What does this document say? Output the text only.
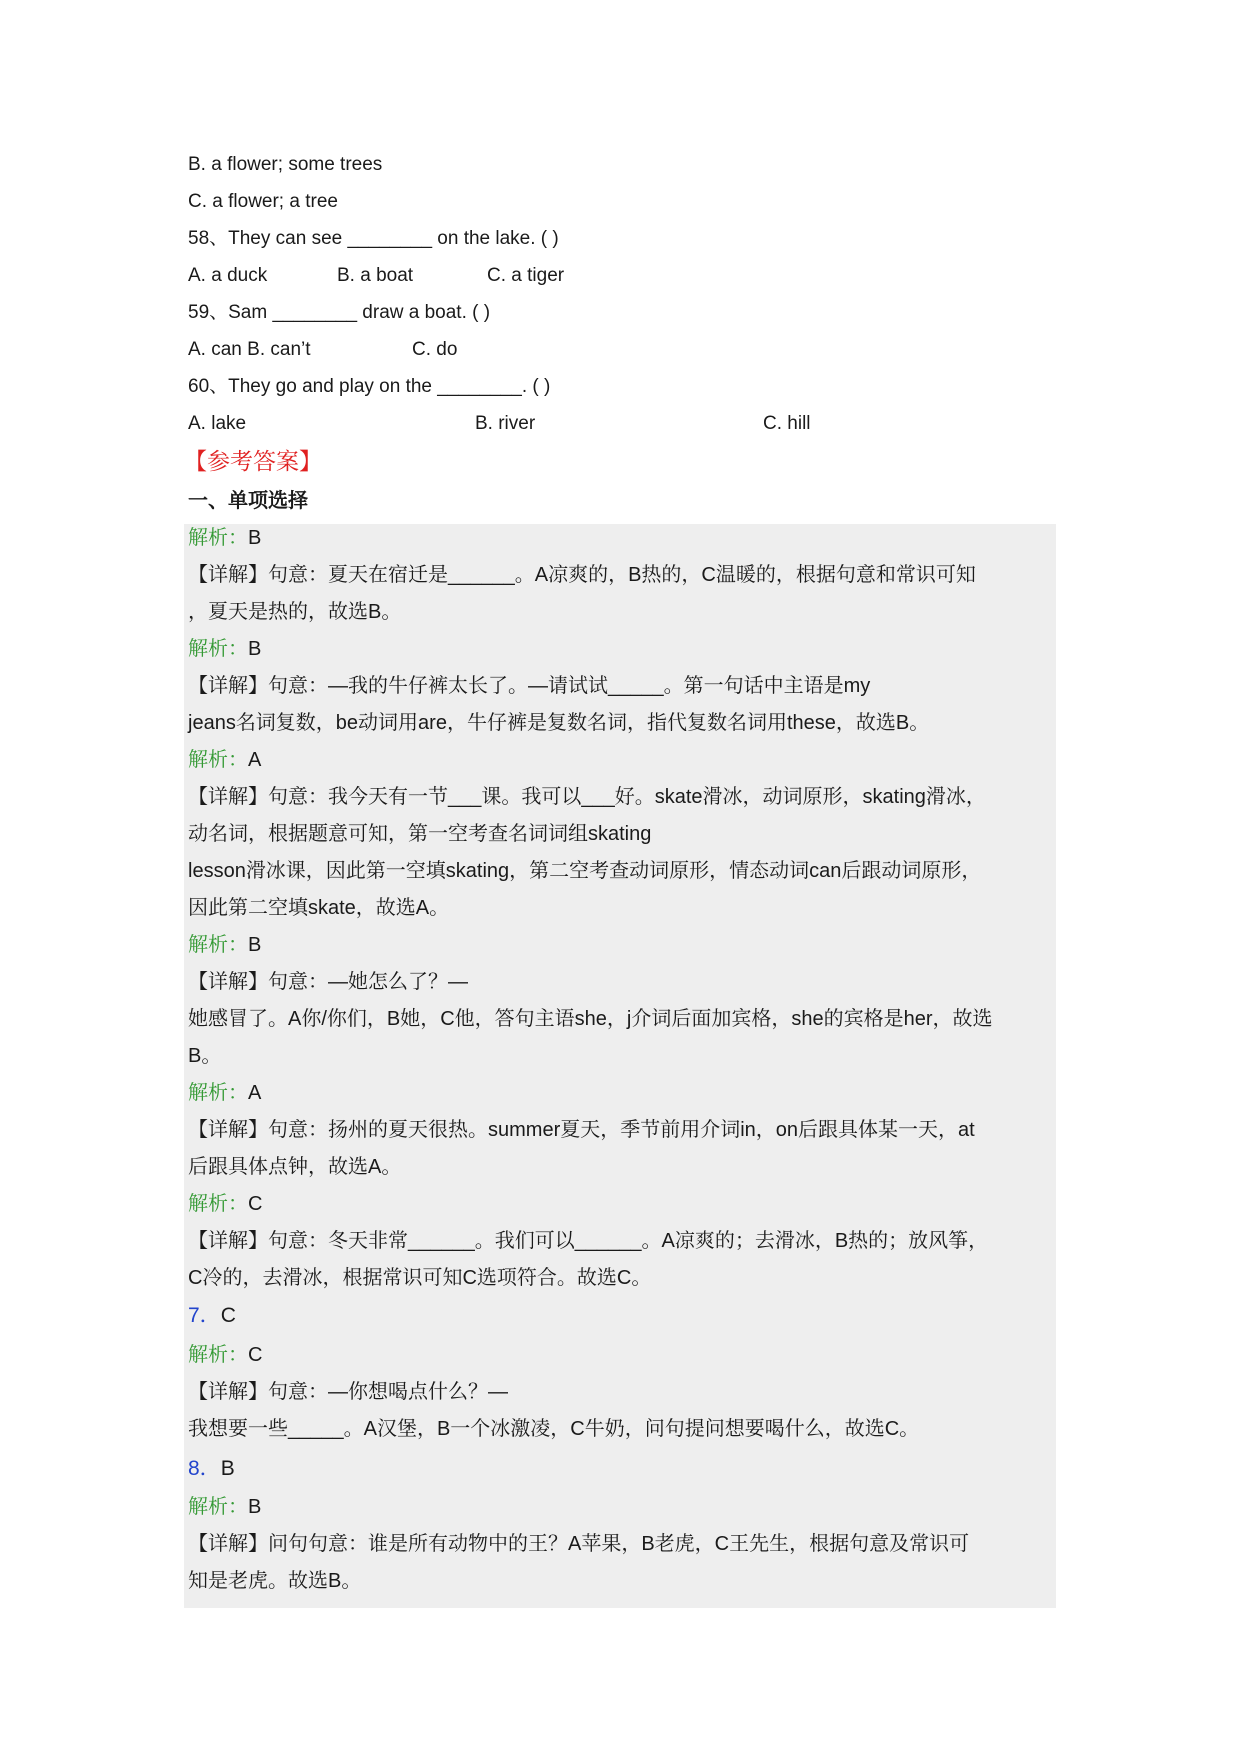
B. a flower; some trees
C. a flower; a tree
58、They can see ________ on the lake. ( )
A. a duck	B. a boat	C. a tiger
59、Sam ________ draw a boat. ( )
A. can B. can’t	C. do
60、They go and play on the ________. ( )
A. lake	B. river	C. hill
【参考答案】
一、单项选择
解析：B
【详解】句意：夏天在宿迁是______。A凉爽的，B热的，C温暖的，根据句意和常识可知
，夏天是热的，故选B。
解析：B
【详解】句意：—我的牛仔裤太长了。—请试试_____。第一句话中主语是my
jeans名词复数，be动词用are，牛仔裤是复数名词，指代复数名词用these，故选B。
解析：A
【详解】句意：我今天有一节___课。我可以___好。skate滑冰，动词原形，skating滑冰，
动名词，根据题意可知，第一空考查名词词组skating
lesson滑冰课，因此第一空填skating，第二空考查动词原形，情态动词can后跟动词原形，
因此第二空填skate，故选A。
解析：B
【详解】句意：—她怎么了？—
她感冒了。A你/你们，B她，C他，答句主语she，j介词后面加宾格，she的宾格是her，故选
B。
解析：A
【详解】句意：扬州的夏天很热。summer夏天，季节前用介词in，on后跟具体某一天，at
后跟具体点钟，故选A。
解析：C
【详解】句意：冬天非常______。我们可以______。A凉爽的；去滑冰，B热的；放风筝，
C冷的，去滑冰，根据常识可知C选项符合。故选C。
7．C
解析：C
【详解】句意：—你想喝点什么？—
我想要一些_____。A汉堡，B一个冰激凌，C牛奶，问句提问想要喝什么，故选C。
8．B
解析：B
【详解】问句句意：谁是所有动物中的王？A苹果，B老虎，C王先生，根据句意及常识可
知是老虎。故选B。
